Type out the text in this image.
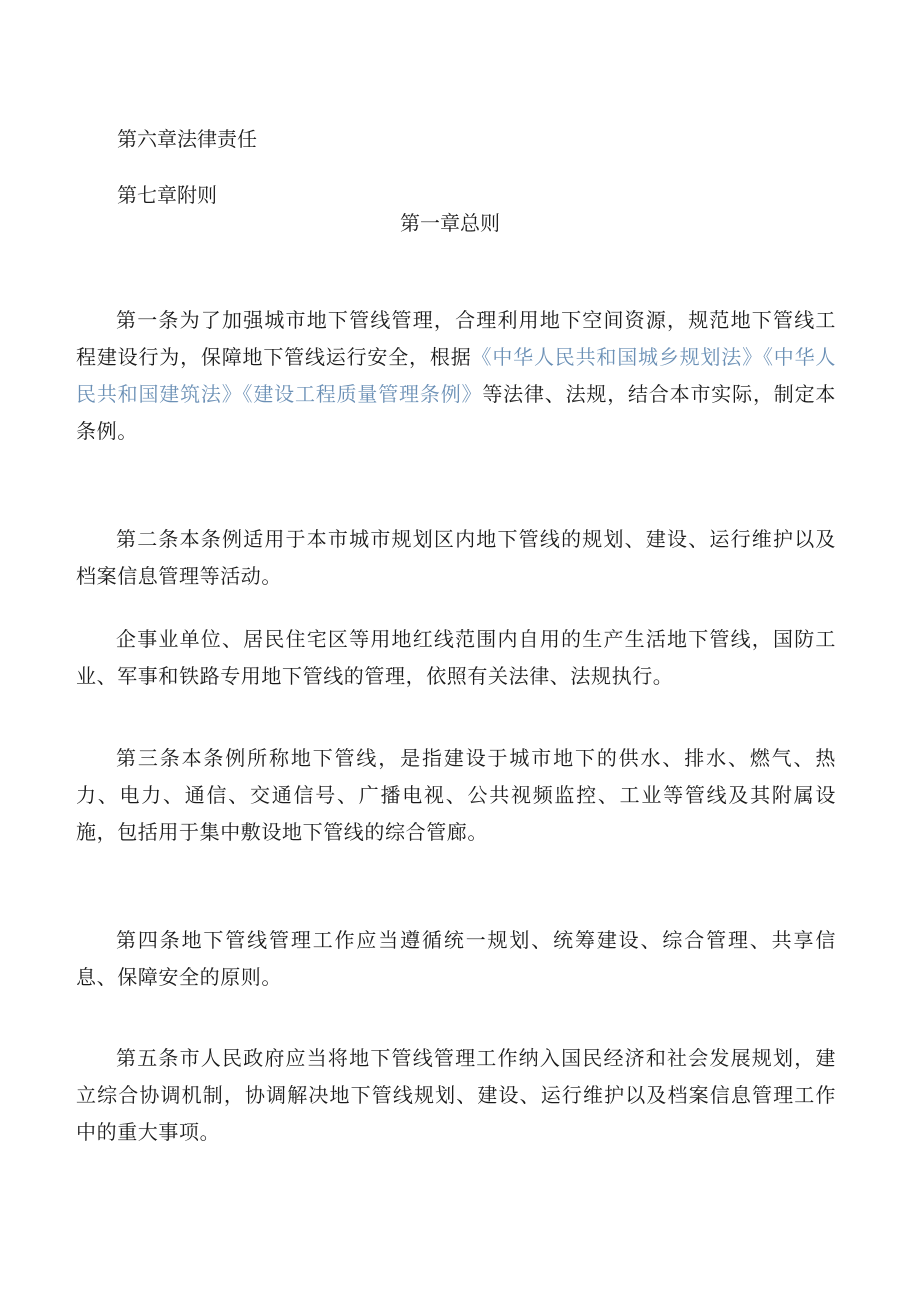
第六章法律责任

第七章附则

第一章总则

第一条为了加强城市地下管线管理，合理利用地下空间资源，规范地下管线工程建设行为，保障地下管线运行安全，根据《中华人民共和国城乡规划法》《中华人民共和国建筑法》《建设工程质量管理条例》等法律、法规，结合本市实际，制定本条例。

第二条本条例适用于本市城市规划区内地下管线的规划、建设、运行维护以及档案信息管理等活动。

企事业单位、居民住宅区等用地红线范围内自用的生产生活地下管线，国防工业、军事和铁路专用地下管线的管理，依照有关法律、法规执行。

第三条本条例所称地下管线，是指建设于城市地下的供水、排水、燃气、热力、电力、通信、交通信号、广播电视、公共视频监控、工业等管线及其附属设施，包括用于集中敷设地下管线的综合管廊。

第四条地下管线管理工作应当遵循统一规划、统筹建设、综合管理、共享信息、保障安全的原则。

第五条市人民政府应当将地下管线管理工作纳入国民经济和社会发展规划，建立综合协调机制，协调解决地下管线规划、建设、运行维护以及档案信息管理工作中的重大事项。
